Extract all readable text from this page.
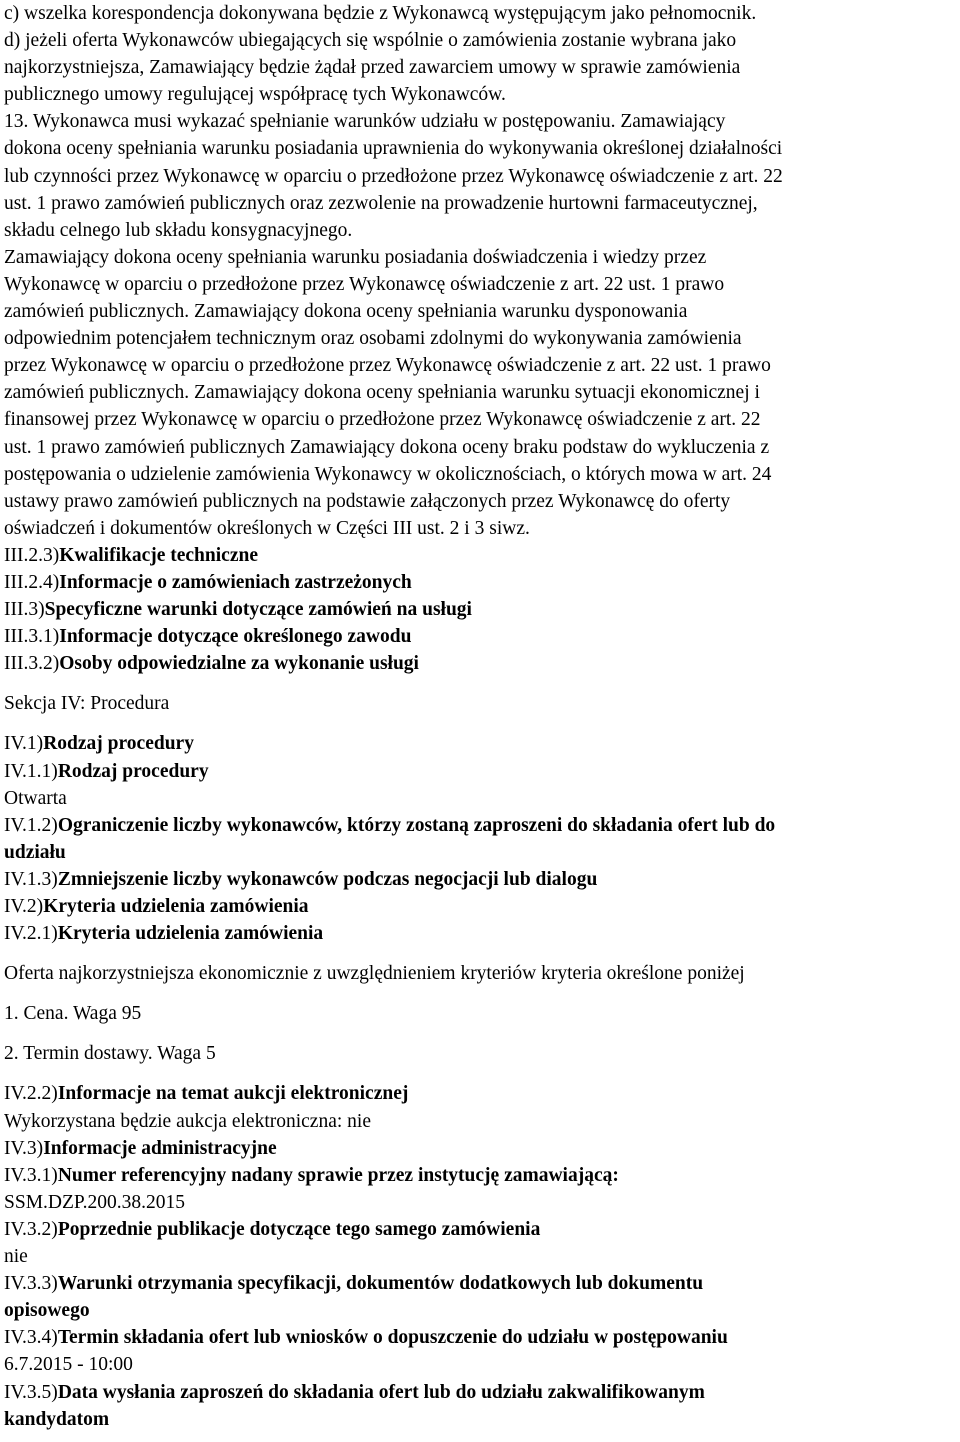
c) wszelka korespondencja dokonywana będzie z Wykonawcą występującym jako pełnomocnik.

d) jeżeli oferta Wykonawców ubiegających się wspólnie o zamówienia zostanie wybrana jako

najkorzystniejsza, Zamawiający będzie żądał przed zawarciem umowy w sprawie zamówienia

publicznego umowy regulującej współpracę tych Wykonawców.

13. Wykonawca musi wykazać spełnianie warunków udziału w postępowaniu. Zamawiający

dokona oceny spełniania warunku posiadania uprawnienia do wykonywania określonej działalności

lub czynności przez Wykonawcę w oparciu o przedłożone przez Wykonawcę oświadczenie z art. 22

ust. 1 prawo zamówień publicznych oraz zezwolenie na prowadzenie hurtowni farmaceutycznej,

składu celnego lub składu konsygnacyjnego.

Zamawiający dokona oceny spełniania warunku posiadania doświadczenia i wiedzy przez

Wykonawcę w oparciu o przedłożone przez Wykonawcę oświadczenie z art. 22 ust. 1 prawo

zamówień publicznych. Zamawiający dokona oceny spełniania warunku dysponowania

odpowiednim potencjałem technicznym oraz osobami zdolnymi do wykonywania zamówienia

przez Wykonawcę w oparciu o przedłożone przez Wykonawcę oświadczenie z art. 22 ust. 1 prawo

zamówień publicznych. Zamawiający dokona oceny spełniania warunku sytuacji ekonomicznej i

finansowej przez Wykonawcę w oparciu o przedłożone przez Wykonawcę oświadczenie z art. 22

ust. 1 prawo zamówień publicznych Zamawiający dokona oceny braku podstaw do wykluczenia z

postępowania o udzielenie zamówienia Wykonawcy w okolicznościach, o których mowa w art. 24

ustawy prawo zamówień publicznych na podstawie załączonych przez Wykonawcę do oferty

oświadczeń i dokumentów określonych w Części III ust. 2 i 3 siwz.

III.2.3)Kwalifikacje techniczne

III.2.4)Informacje o zamówieniach zastrzeżonych

III.3)Specyficzne warunki dotyczące zamówień na usługi

III.3.1)Informacje dotyczące określonego zawodu

III.3.2)Osoby odpowiedzialne za wykonanie usługi

Sekcja IV: Procedura

IV.1)Rodzaj procedury

IV.1.1)Rodzaj procedury

Otwarta

IV.1.2)Ograniczenie liczby wykonawców, którzy zostaną zaproszeni do składania ofert lub do

udziału

IV.1.3)Zmniejszenie liczby wykonawców podczas negocjacji lub dialogu

IV.2)Kryteria udzielenia zamówienia

IV.2.1)Kryteria udzielenia zamówienia

Oferta najkorzystniejsza ekonomicznie z uwzględnieniem kryteriów kryteria określone poniżej

1. Cena. Waga 95

2. Termin dostawy. Waga 5

IV.2.2)Informacje na temat aukcji elektronicznej

Wykorzystana będzie aukcja elektroniczna: nie

IV.3)Informacje administracyjne

IV.3.1)Numer referencyjny nadany sprawie przez instytucję zamawiającą:

SSM.DZP.200.38.2015

IV.3.2)Poprzednie publikacje dotyczące tego samego zamówienia

nie

IV.3.3)Warunki otrzymania specyfikacji, dokumentów dodatkowych lub dokumentu

opisowego

IV.3.4)Termin składania ofert lub wniosków o dopuszczenie do udziału w postępowaniu

6.7.2015 - 10:00

IV.3.5)Data wysłania zaproszeń do składania ofert lub do udziału zakwalifikowanym

kandydatom
